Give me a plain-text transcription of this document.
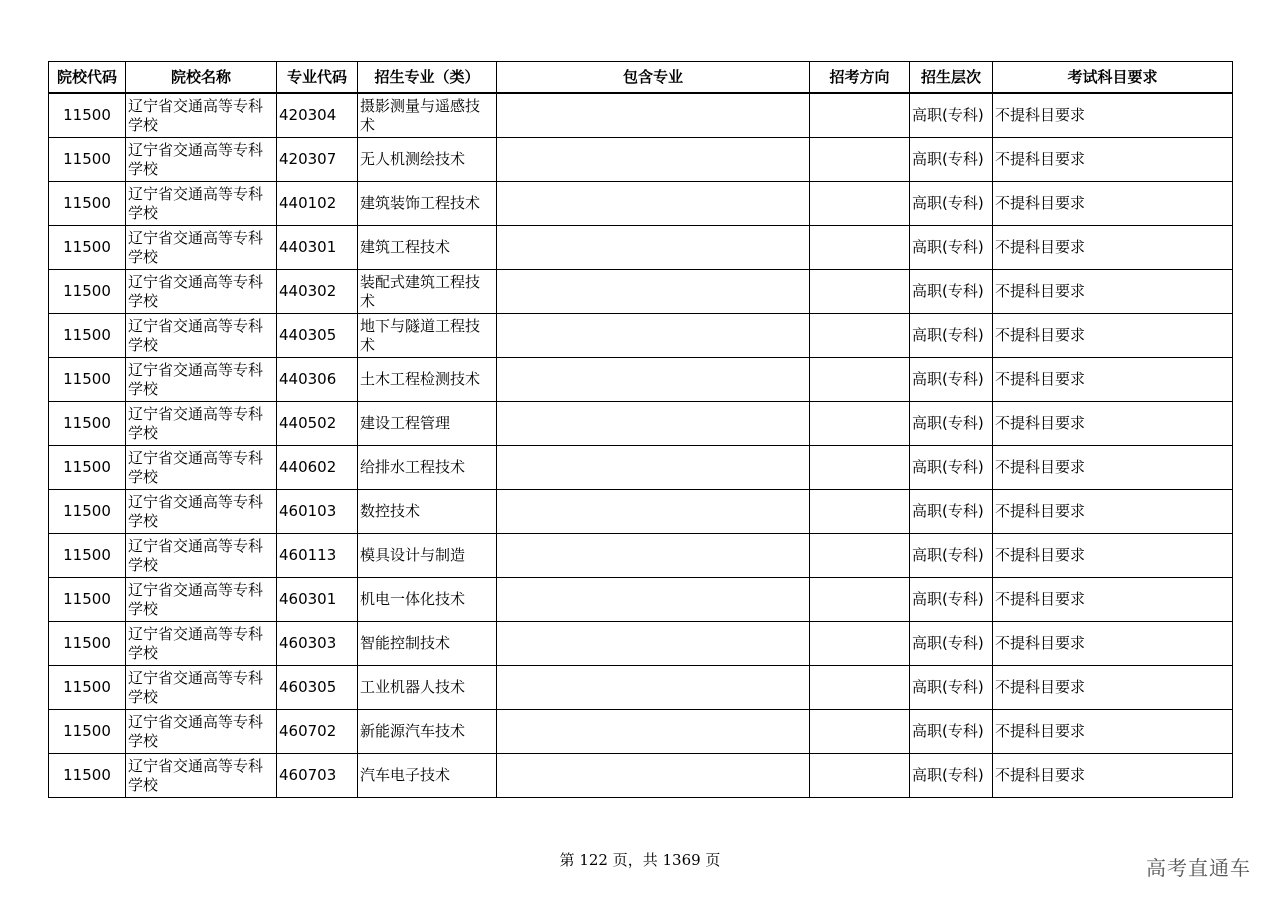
院校代码	院校名称	专业代码	招生专业（类）	包含专业	招考方向	招生层次	考试科目要求
11500	辽宁省交通高等专科学校	420304	摄影测量与遥感技术			高职(专科)	不提科目要求
11500	辽宁省交通高等专科学校	420307	无人机测绘技术			高职(专科)	不提科目要求
11500	辽宁省交通高等专科学校	440102	建筑装饰工程技术			高职(专科)	不提科目要求
11500	辽宁省交通高等专科学校	440301	建筑工程技术			高职(专科)	不提科目要求
11500	辽宁省交通高等专科学校	440302	装配式建筑工程技术			高职(专科)	不提科目要求
11500	辽宁省交通高等专科学校	440305	地下与隧道工程技术			高职(专科)	不提科目要求
11500	辽宁省交通高等专科学校	440306	土木工程检测技术			高职(专科)	不提科目要求
11500	辽宁省交通高等专科学校	440502	建设工程管理			高职(专科)	不提科目要求
11500	辽宁省交通高等专科学校	440602	给排水工程技术			高职(专科)	不提科目要求
11500	辽宁省交通高等专科学校	460103	数控技术			高职(专科)	不提科目要求
11500	辽宁省交通高等专科学校	460113	模具设计与制造			高职(专科)	不提科目要求
11500	辽宁省交通高等专科学校	460301	机电一体化技术			高职(专科)	不提科目要求
11500	辽宁省交通高等专科学校	460303	智能控制技术			高职(专科)	不提科目要求
11500	辽宁省交通高等专科学校	460305	工业机器人技术			高职(专科)	不提科目要求
11500	辽宁省交通高等专科学校	460702	新能源汽车技术			高职(专科)	不提科目要求
11500	辽宁省交通高等专科学校	460703	汽车电子技术			高职(专科)	不提科目要求
第 122 页，共 1369 页	高考直通车
